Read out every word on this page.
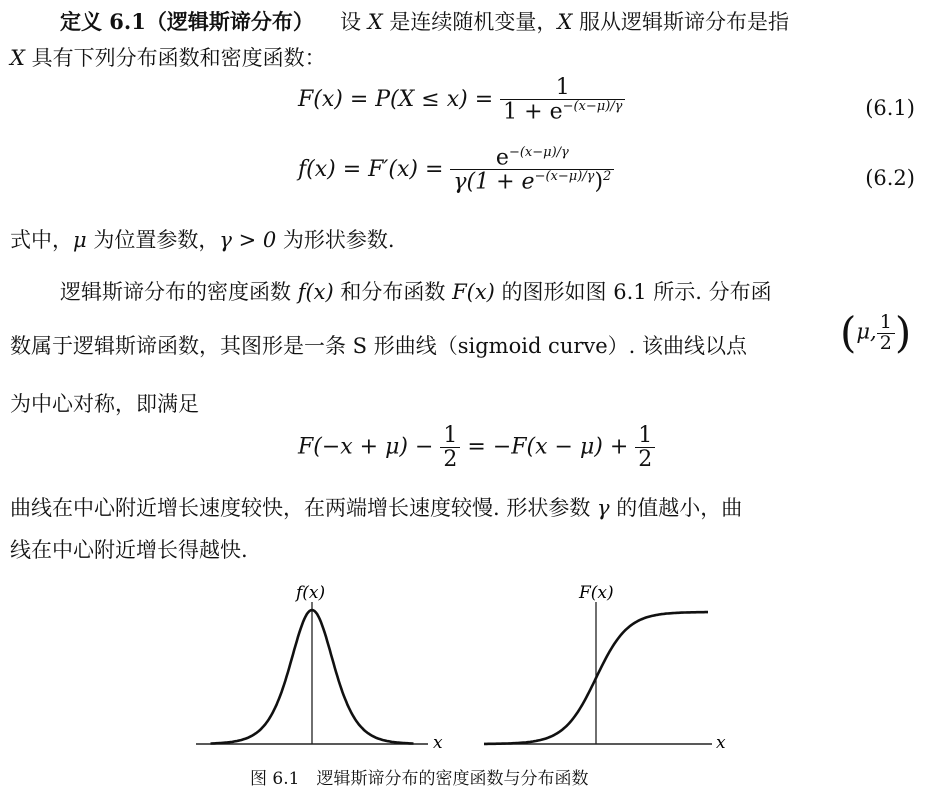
定义 6.1（逻辑斯谛分布） 设 X 是连续随机变量，X 服从逻辑斯谛分布是指
X 具有下列分布函数和密度函数：
$F(x) = P(X \le x) = \frac{1}{1 + e^{-(x-\mu)/\gamma}}$	(6.1)
$f(x) = F'(x) = \frac{e^{-(x-\mu)/\gamma}}{\gamma(1 + e^{-(x-\mu)/\gamma})^2}$	(6.2)
式中，μ 为位置参数，γ > 0 为形状参数.
逻辑斯谛分布的密度函数 f(x) 和分布函数 F(x) 的图形如图 6.1 所示. 分布函
数属于逻辑斯谛函数，其图形是一条 S 形曲线（sigmoid curve）. 该曲线以点 (μ, $\frac{1}{2}$ )
为中心对称，即满足
$F(-x + \mu) - \frac{1}{2} = -F(x - \mu) + \frac{1}{2}$
曲线在中心附近增长速度较快，在两端增长速度较慢. 形状参数 γ 的值越小，曲
线在中心附近增长得越快.
f(x)
x
F(x)
x
图 6.1　逻辑斯谛分布的密度函数与分布函数
